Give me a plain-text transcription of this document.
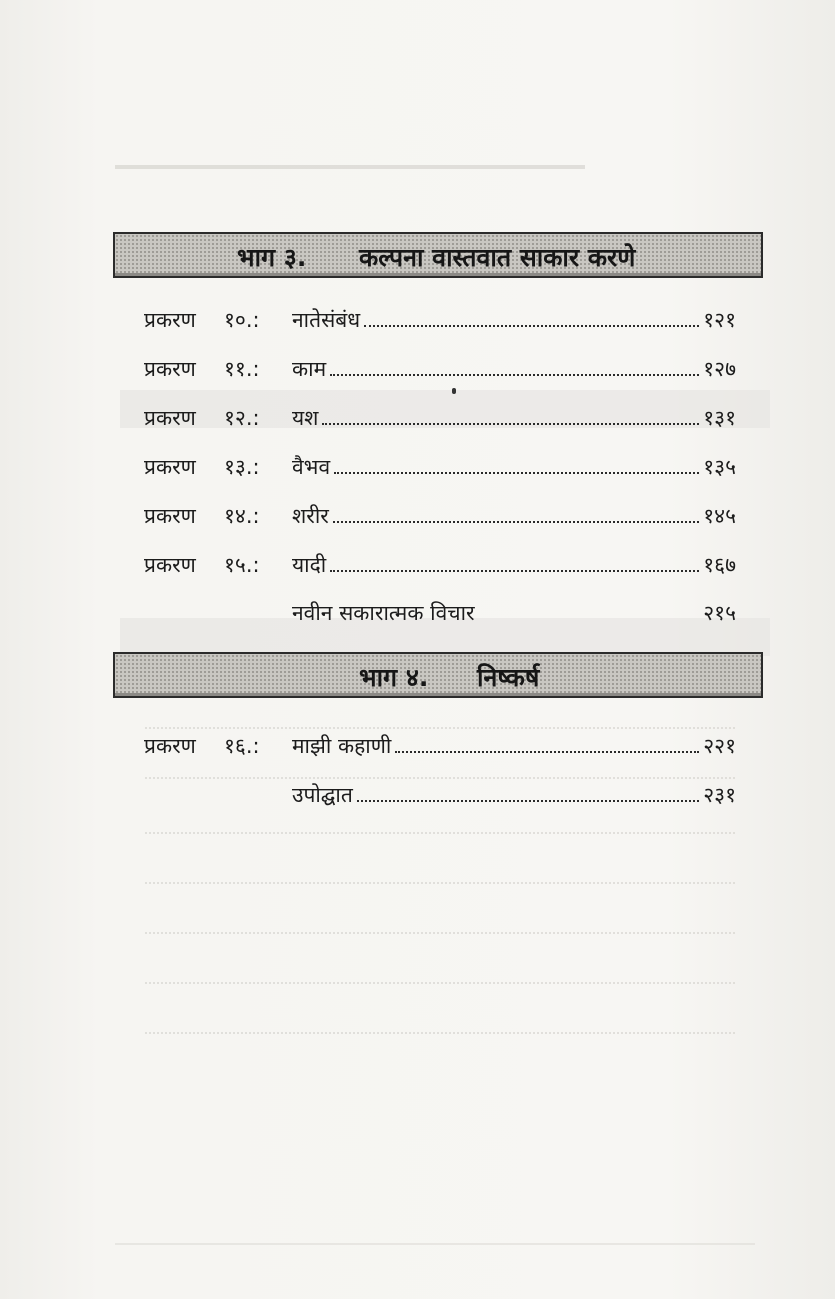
भाग ३. कल्पना वास्तवात साकार करणे
प्रकरण १०.: नातेसंबंध	१२१
प्रकरण ११.: काम	१२७
प्रकरण १२.: यश	१३१
प्रकरण १३.: वैभव	१३५
प्रकरण १४.: शरीर	१४५
प्रकरण १५.: यादी	१६७
नवीन सकारात्मक विचार	२१५
भाग ४. निष्कर्ष
प्रकरण १६.: माझी कहाणी	२२१
उपोद्घात	२३१
